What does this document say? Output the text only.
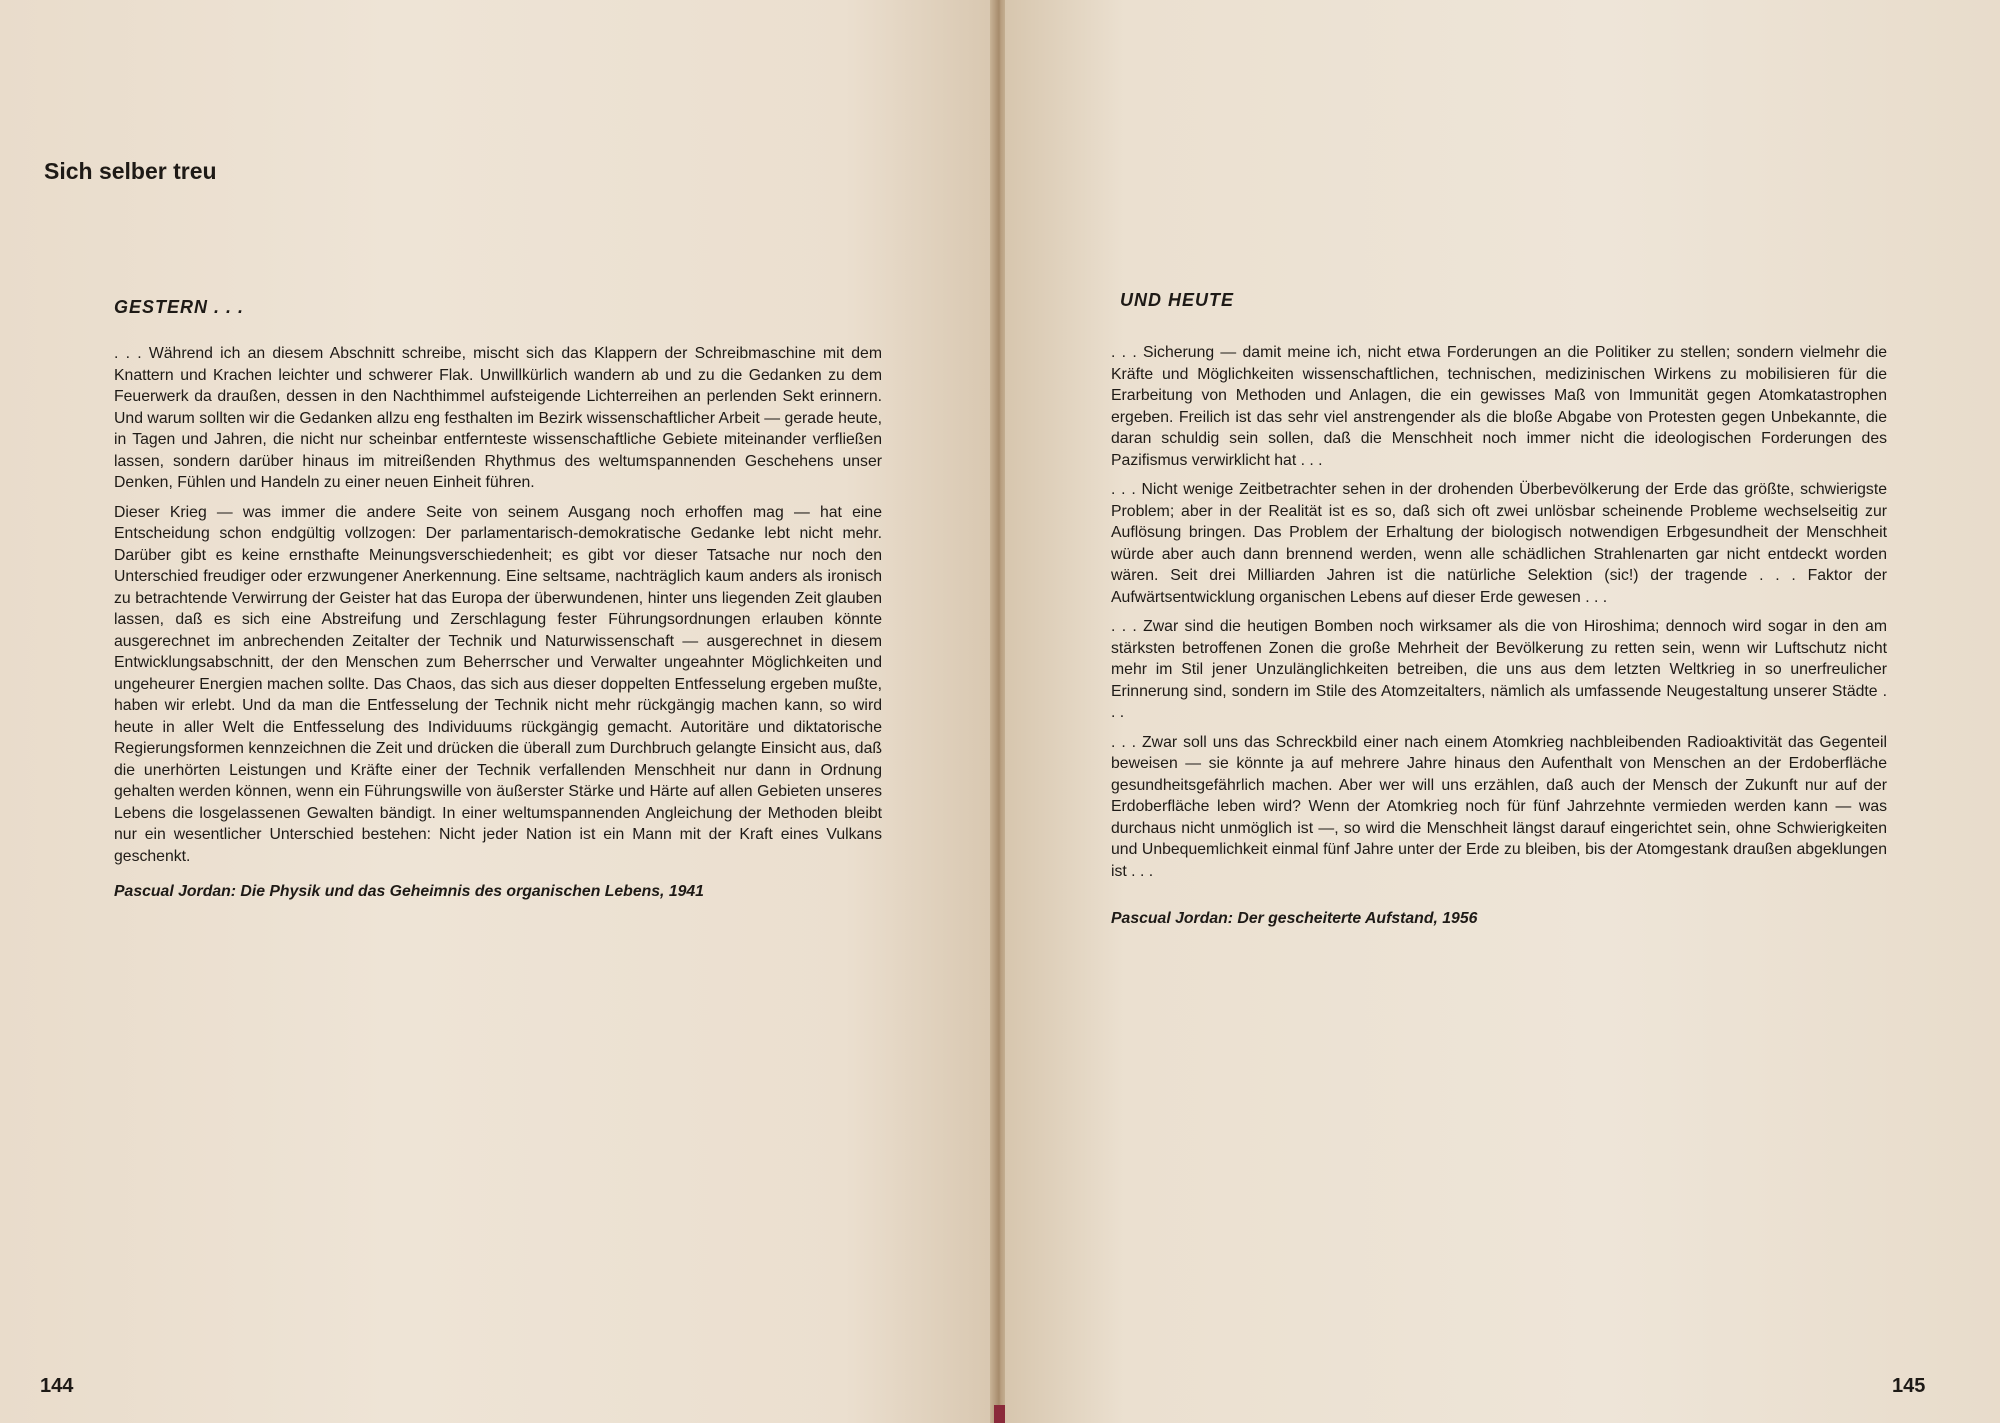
Sich selber treu
GESTERN . . .

. . . Während ich an diesem Abschnitt schreibe, mischt sich das Klappern der Schreibmaschine mit dem Knattern und Krachen leichter und schwerer Flak. Unwillkürlich wandern ab und zu die Gedanken zu dem Feuerwerk da draußen, dessen in den Nachthimmel aufsteigende Lichterreihen an perlenden Sekt erinnern. Und warum sollten wir die Gedanken allzu eng festhalten im Bezirk wissenschaftlicher Arbeit — gerade heute, in Tagen und Jahren, die nicht nur scheinbar entfernteste wissenschaftliche Gebiete miteinander verfließen lassen, sondern darüber hinaus im mitreißenden Rhythmus des weltumspannenden Geschehens unser Denken, Fühlen und Handeln zu einer neuen Einheit führen.

Dieser Krieg — was immer die andere Seite von seinem Ausgang noch erhoffen mag — hat eine Entscheidung schon endgültig vollzogen: Der parlamentarisch-demokratische Gedanke lebt nicht mehr. Darüber gibt es keine ernsthafte Meinungsverschiedenheit; es gibt vor dieser Tatsache nur noch den Unterschied freudiger oder erzwungener Anerkennung. Eine seltsame, nachträglich kaum anders als ironisch zu betrachtende Verwirrung der Geister hat das Europa der überwundenen, hinter uns liegenden Zeit glauben lassen, daß es sich eine Abstreifung und Zerschlagung fester Führungsordnungen erlauben könnte ausgerechnet im anbrechenden Zeitalter der Technik und Naturwissenschaft — ausgerechnet in diesem Entwicklungsabschnitt, der den Menschen zum Beherrscher und Verwalter ungeahnter Möglichkeiten und ungeheurer Energien machen sollte. Das Chaos, das sich aus dieser doppelten Entfesselung ergeben mußte, haben wir erlebt. Und da man die Entfesselung der Technik nicht mehr rückgängig machen kann, so wird heute in aller Welt die Entfesselung des Individuums rückgängig gemacht. Autoritäre und diktatorische Regierungsformen kennzeichnen die Zeit und drücken die überall zum Durchbruch gelangte Einsicht aus, daß die unerhörten Leistungen und Kräfte einer der Technik verfallenden Menschheit nur dann in Ordnung gehalten werden können, wenn ein Führungswille von äußerster Stärke und Härte auf allen Gebieten unseres Lebens die losgelassenen Gewalten bändigt. In einer weltumspannenden Angleichung der Methoden bleibt nur ein wesentlicher Unterschied bestehen: Nicht jeder Nation ist ein Mann mit der Kraft eines Vulkans geschenkt.

Pascual Jordan: Die Physik und das Geheimnis des organischen Lebens, 1941

144

UND HEUTE

. . . Sicherung — damit meine ich, nicht etwa Forderungen an die Politiker zu stellen; sondern vielmehr die Kräfte und Möglichkeiten wissenschaftlichen, technischen, medizinischen Wirkens zu mobilisieren für die Erarbeitung von Methoden und Anlagen, die ein gewisses Maß von Immunität gegen Atomkatastrophen ergeben. Freilich ist das sehr viel anstrengender als die bloße Abgabe von Protesten gegen Unbekannte, die daran schuldig sein sollen, daß die Menschheit noch immer nicht die ideologischen Forderungen des Pazifismus verwirklicht hat . . .

. . . Nicht wenige Zeitbetrachter sehen in der drohenden Überbevölkerung der Erde das größte, schwierigste Problem; aber in der Realität ist es so, daß sich oft zwei unlösbar scheinende Probleme wechselseitig zur Auflösung bringen. Das Problem der Erhaltung der biologisch notwendigen Erbgesundheit der Menschheit würde aber auch dann brennend werden, wenn alle schädlichen Strahlenarten gar nicht entdeckt worden wären. Seit drei Milliarden Jahren ist die natürliche Selektion (sic!) der tragende . . . Faktor der Aufwärtsentwicklung organischen Lebens auf dieser Erde gewesen . . .

. . . Zwar sind die heutigen Bomben noch wirksamer als die von Hiroshima; dennoch wird sogar in den am stärksten betroffenen Zonen die große Mehrheit der Bevölkerung zu retten sein, wenn wir Luftschutz nicht mehr im Stil jener Unzulänglichkeiten betreiben, die uns aus dem letzten Weltkrieg in so unerfreulicher Erinnerung sind, sondern im Stile des Atomzeitalters, nämlich als umfassende Neugestaltung unserer Städte . . .

. . . Zwar soll uns das Schreckbild einer nach einem Atomkrieg nachbleibenden Radioaktivität das Gegenteil beweisen — sie könnte ja auf mehrere Jahre hinaus den Aufenthalt von Menschen an der Erdoberfläche gesundheitsgefährlich machen. Aber wer will uns erzählen, daß auch der Mensch der Zukunft nur auf der Erdoberfläche leben wird? Wenn der Atomkrieg noch für fünf Jahrzehnte vermieden werden kann — was durchaus nicht unmöglich ist —, so wird die Menschheit längst darauf eingerichtet sein, ohne Schwierigkeiten und Unbequemlichkeit einmal fünf Jahre unter der Erde zu bleiben, bis der Atomgestank draußen abgeklungen ist . . .

Pascual Jordan: Der gescheiterte Aufstand, 1956

145
